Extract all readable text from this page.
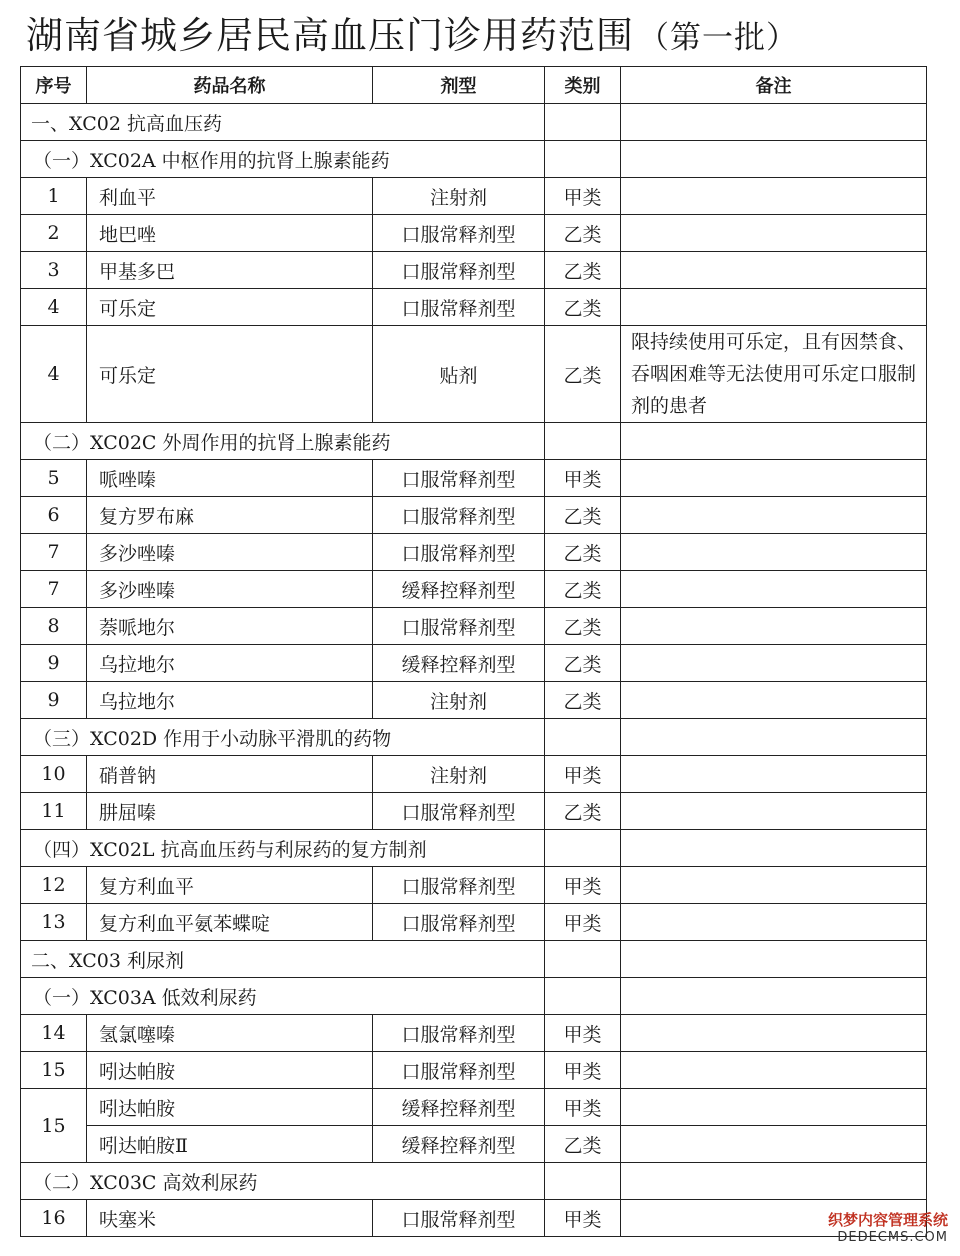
湖南省城乡居民高血压门诊用药范围 （第一批）
序号	药品名称	剂型	类别	备注
一、XC02 抗高血压药				
（一）XC02A 中枢作用的抗肾上腺素能药				
1	利血平	注射剂	甲类	
2	地巴唑	口服常释剂型	乙类	
3	甲基多巴	口服常释剂型	乙类	
4	可乐定	口服常释剂型	乙类	
4	可乐定	贴剂	乙类	限持续使用可乐定，且有因禁食、吞咽困难等无法使用可乐定口服制剂的患者
（二）XC02C 外周作用的抗肾上腺素能药				
5	哌唑嗪	口服常释剂型	甲类	
6	复方罗布麻	口服常释剂型	乙类	
7	多沙唑嗪	口服常释剂型	乙类	
7	多沙唑嗪	缓释控释剂型	乙类	
8	萘哌地尔	口服常释剂型	乙类	
9	乌拉地尔	缓释控释剂型	乙类	
9	乌拉地尔	注射剂	乙类	
（三）XC02D 作用于小动脉平滑肌的药物				
10	硝普钠	注射剂	甲类	
11	肼屈嗪	口服常释剂型	乙类	
（四）XC02L 抗高血压药与利尿药的复方制剂				
12	复方利血平	口服常释剂型	甲类	
13	复方利血平氨苯蝶啶	口服常释剂型	甲类	
二、XC03 利尿剂				
（一）XC03A 低效利尿药				
14	氢氯噻嗪	口服常释剂型	甲类	
15	吲达帕胺	口服常释剂型	甲类	
15	吲达帕胺	缓释控释剂型	甲类	
	吲达帕胺Ⅱ	缓释控释剂型	乙类	
（二）XC03C 高效利尿药				
16	呋塞米	口服常释剂型	甲类		织梦内容管理系统
DEDECMS.COM
